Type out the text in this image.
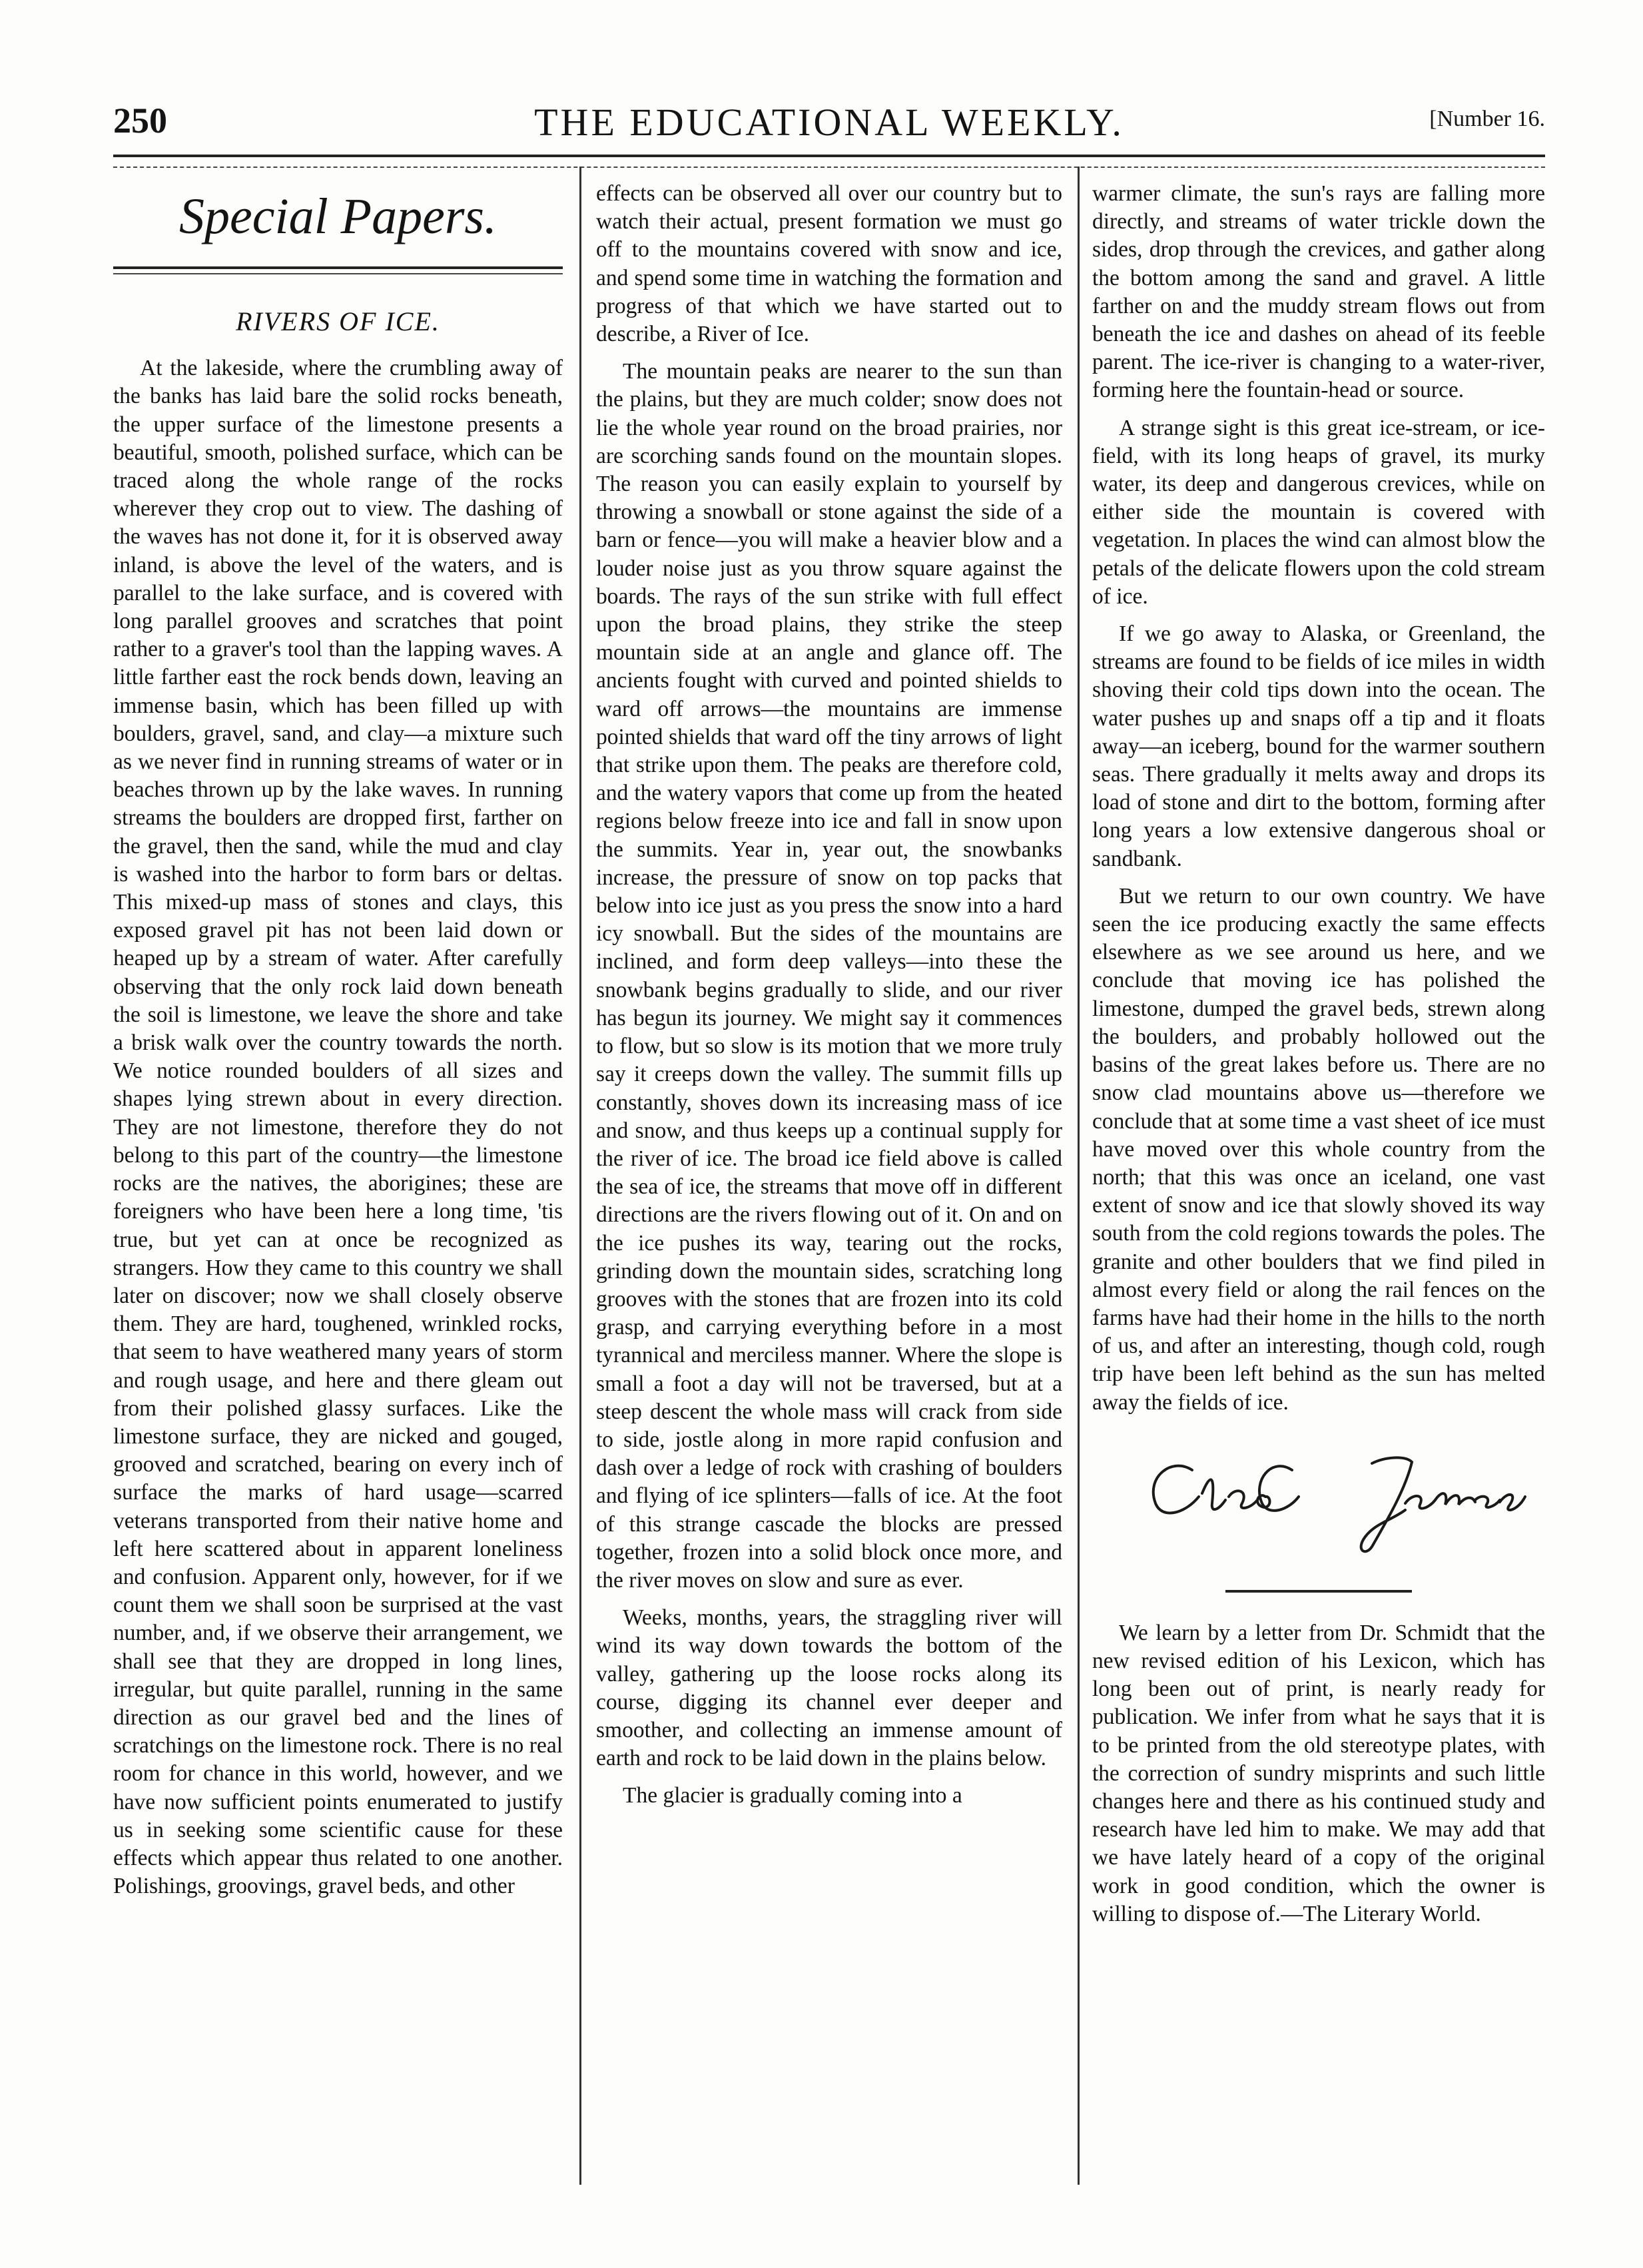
250	THE EDUCATIONAL WEEKLY.	[Number 16.
Special Papers.
RIVERS OF ICE.

At the lakeside, where the crumbling away of the banks has laid bare the solid rocks beneath, the upper surface of the limestone presents a beautiful, smooth, polished surface, which can be traced along the whole range of the rocks wherever they crop out to view. The dashing of the waves has not done it, for it is observed away inland, is above the level of the waters, and is parallel to the lake surface, and is covered with long parallel grooves and scratches that point rather to a graver's tool than the lapping waves. A little farther east the rock bends down, leaving an immense basin, which has been filled up with boulders, gravel, sand, and clay—a mixture such as we never find in running streams of water or in beaches thrown up by the lake waves. In running streams the boulders are dropped first, farther on the gravel, then the sand, while the mud and clay is washed into the harbor to form bars or deltas. This mixed-up mass of stones and clays, this exposed gravel pit has not been laid down or heaped up by a stream of water. After carefully observing that the only rock laid down beneath the soil is limestone, we leave the shore and take a brisk walk over the country towards the north. We notice rounded boulders of all sizes and shapes lying strewn about in every direction. They are not limestone, therefore they do not belong to this part of the country—the limestone rocks are the natives, the aborigines; these are foreigners who have been here a long time, 'tis true, but yet can at once be recognized as strangers. How they came to this country we shall later on discover; now we shall closely observe them. They are hard, toughened, wrinkled rocks, that seem to have weathered many years of storm and rough usage, and here and there gleam out from their polished glassy surfaces. Like the limestone surface, they are nicked and gouged, grooved and scratched, bearing on every inch of surface the marks of hard usage—scarred veterans transported from their native home and left here scattered about in apparent loneliness and confusion. Apparent only, however, for if we count them we shall soon be surprised at the vast number, and, if we observe their arrangement, we shall see that they are dropped in long lines, irregular, but quite parallel, running in the same direction as our gravel bed and the lines of scratchings on the limestone rock. There is no real room for chance in this world, however, and we have now sufficient points enumerated to justify us in seeking some scientific cause for these effects which appear thus related to one another. Polishings, groovings, gravel beds, and other

effects can be observed all over our country but to watch their actual, present formation we must go off to the mountains covered with snow and ice, and spend some time in watching the formation and progress of that which we have started out to describe, a River of Ice.

The mountain peaks are nearer to the sun than the plains, but they are much colder; snow does not lie the whole year round on the broad prairies, nor are scorching sands found on the mountain slopes. The reason you can easily explain to yourself by throwing a snowball or stone against the side of a barn or fence—you will make a heavier blow and a louder noise just as you throw square against the boards. The rays of the sun strike with full effect upon the broad plains, they strike the steep mountain side at an angle and glance off. The ancients fought with curved and pointed shields to ward off arrows—the mountains are immense pointed shields that ward off the tiny arrows of light that strike upon them. The peaks are therefore cold, and the watery vapors that come up from the heated regions below freeze into ice and fall in snow upon the summits. Year in, year out, the snowbanks increase, the pressure of snow on top packs that below into ice just as you press the snow into a hard icy snowball. But the sides of the mountains are inclined, and form deep valleys—into these the snowbank begins gradually to slide, and our river has begun its journey. We might say it commences to flow, but so slow is its motion that we more truly say it creeps down the valley. The summit fills up constantly, shoves down its increasing mass of ice and snow, and thus keeps up a continual supply for the river of ice. The broad ice field above is called the sea of ice, the streams that move off in different directions are the rivers flowing out of it. On and on the ice pushes its way, tearing out the rocks, grinding down the mountain sides, scratching long grooves with the stones that are frozen into its cold grasp, and carrying everything before in a most tyrannical and merciless manner. Where the slope is small a foot a day will not be traversed, but at a steep descent the whole mass will crack from side to side, jostle along in more rapid confusion and dash over a ledge of rock with crashing of boulders and flying of ice splinters—falls of ice. At the foot of this strange cascade the blocks are pressed together, frozen into a solid block once more, and the river moves on slow and sure as ever.

Weeks, months, years, the straggling river will wind its way down towards the bottom of the valley, gathering up the loose rocks along its course, digging its channel ever deeper and smoother, and collecting an immense amount of earth and rock to be laid down in the plains below.

The glacier is gradually coming into a

warmer climate, the sun's rays are falling more directly, and streams of water trickle down the sides, drop through the crevices, and gather along the bottom among the sand and gravel. A little farther on and the muddy stream flows out from beneath the ice and dashes on ahead of its feeble parent. The ice-river is changing to a water-river, forming here the fountain-head or source.

A strange sight is this great ice-stream, or ice-field, with its long heaps of gravel, its murky water, its deep and dangerous crevices, while on either side the mountain is covered with vegetation. In places the wind can almost blow the petals of the delicate flowers upon the cold stream of ice.

If we go away to Alaska, or Greenland, the streams are found to be fields of ice miles in width shoving their cold tips down into the ocean. The water pushes up and snaps off a tip and it floats away—an iceberg, bound for the warmer southern seas. There gradually it melts away and drops its load of stone and dirt to the bottom, forming after long years a low extensive dangerous shoal or sandbank.

But we return to our own country. We have seen the ice producing exactly the same effects elsewhere as we see around us here, and we conclude that moving ice has polished the limestone, dumped the gravel beds, strewn along the boulders, and probably hollowed out the basins of the great lakes before us. There are no snow clad mountains above us—therefore we conclude that at some time a vast sheet of ice must have moved over this whole country from the north; that this was once an iceland, one vast extent of snow and ice that slowly shoved its way south from the cold regions towards the poles. The granite and other boulders that we find piled in almost every field or along the rail fences on the farms have had their home in the hills to the north of us, and after an interesting, though cold, rough trip have been left behind as the sun has melted away the fields of ice.

We learn by a letter from Dr. Schmidt that the new revised edition of his Lexicon, which has long been out of print, is nearly ready for publication. We infer from what he says that it is to be printed from the old stereotype plates, with the correction of sundry misprints and such little changes here and there as his continued study and research have led him to make. We may add that we have lately heard of a copy of the original work in good condition, which the owner is willing to dispose of.—The Literary World.
